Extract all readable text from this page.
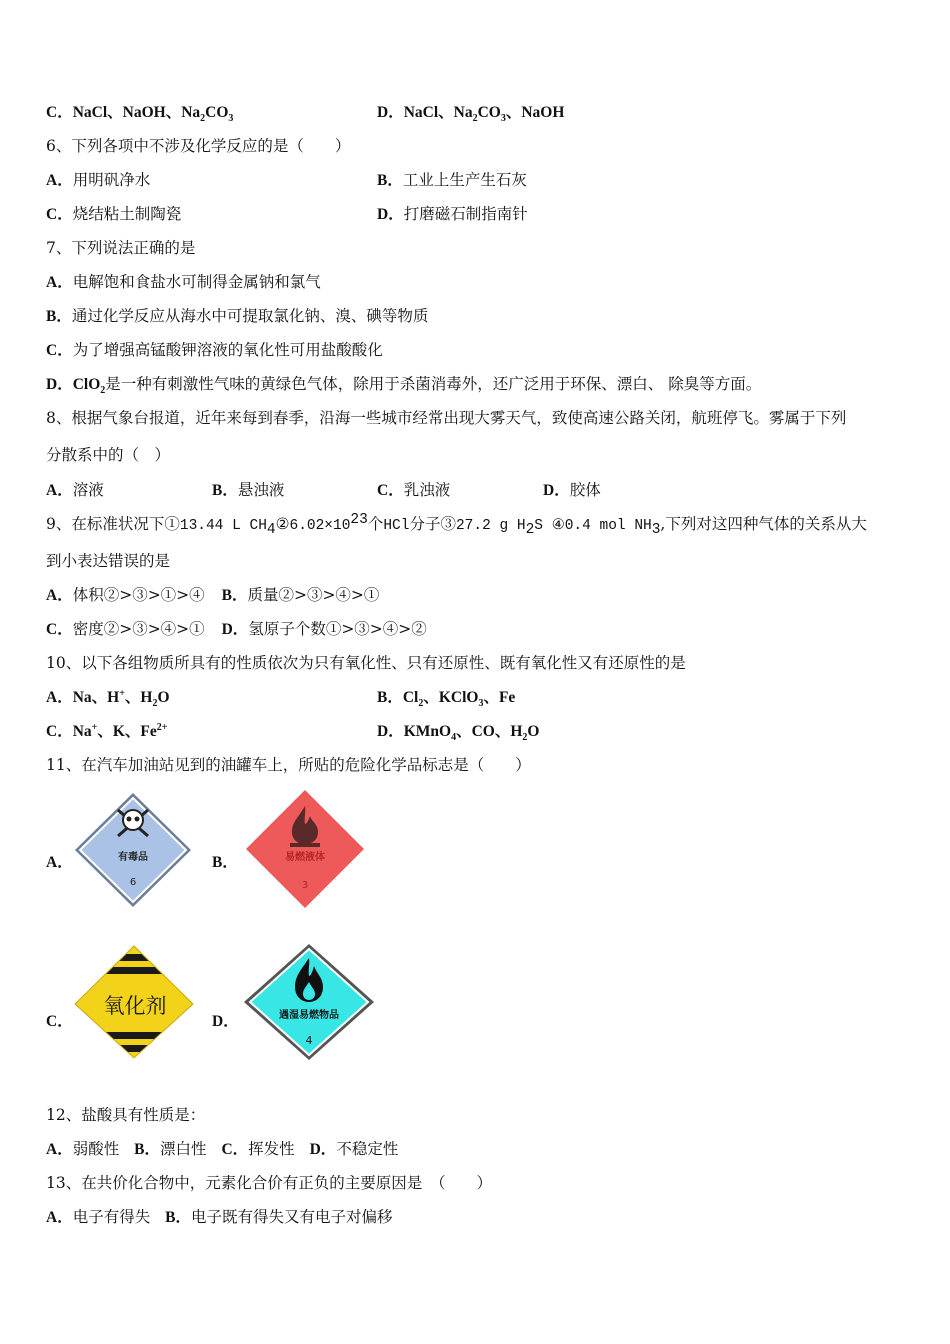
C．NaCl、NaOH、$Na_2CO_3$	D．NaCl、$Na_2CO_3$、NaOH
6、下列各项中不涉及化学反应的是（　　）
A．用明矾净水	B．工业上生产生石灰
C．烧结粘土制陶瓷	D．打磨磁石制指南针
7、下列说法正确的是
A．电解饱和食盐水可制得金属钠和氯气
B．通过化学反应从海水中可提取氯化钠、溴、碘等物质
C．为了增强高锰酸钾溶液的氧化性可用盐酸酸化
D．ClO$_2$是一种有刺激性气味的黄绿色气体，除用于杀菌消毒外，还广泛用于环保、漂白、 除臭等方面。
8、根据气象台报道，近年来每到春季，沿海一些城市经常出现大雾天气，致使高速公路关闭，航班停飞。雾属于下列
分散系中的（　）
A．溶液	B．悬浊液	C．乳浊液	D．胶体
9、在标准状况下①13.44 L $CH_4②6.02\times 10^{23}$个HCl分子③27.2 g $H_2S$ ④0.4 mol $NH_3$,下列对这四种气体的关系从大
到小表达错误的是
A．体积②>③>①>④ B．质量②>③>④>①
C．密度②>③>④>① D．氢原子个数①>③>④>②
10、以下各组物质所具有的性质依次为只有氧化性、只有还原性、既有氧化性又有还原性的是
A．Na、H+、$H_2O$	B．$Cl_2$、KClO$_3$、Fe
C．Na+、K、$Fe^{2+}$	D．KMnO$_4$、CO、$H_2O$
11、在汽车加油站见到的油罐车上，所贴的危险化学品标志是（　　）
A．	有毒品
6
B．	易燃液体
3
C．
氧化剂
D．	遇湿易燃物品
4
12、盐酸具有性质是：
A．弱酸性 B．漂白性 C．挥发性 D．不稳定性
13、在共价化合物中，元素化合价有正负的主要原因是　（　　）
A．电子有得失 B．电子既有得失又有电子对偏移
